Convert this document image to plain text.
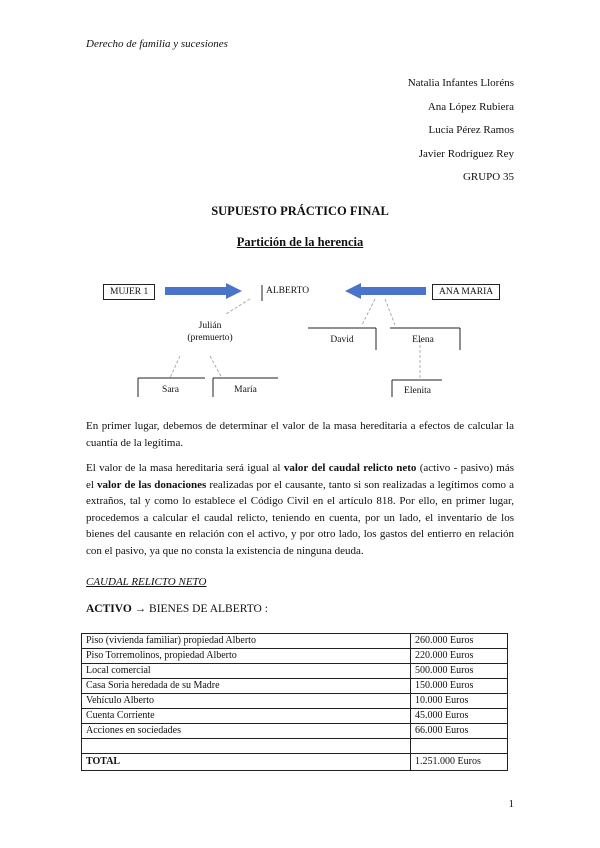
Derecho de familia y sucesiones
Natalia Infantes Lloréns
Ana López Rubiera
Lucía Pérez Ramos
Javier Rodríguez Rey
GRUPO 35
SUPUESTO PRÁCTICO FINAL
Partición de la herencia
MUJER 1	ALBERTO	ANA MARIA
Julián
(premuerto)	David	Elena
Sara	María	Elenita
En primer lugar, debemos de determinar el valor de la masa hereditaria a efectos de calcular la cuantía de la legítima.
El valor de la masa hereditaria será igual al valor del caudal relicto neto (activo - pasivo) más el valor de las donaciones realizadas por el causante, tanto si son realizadas a legítimos como a extraños, tal y como lo establece el Código Civil en el artículo 818. Por ello, en primer lugar, procedemos a calcular el caudal relicto, teniendo en cuenta, por un lado, el inventario de los bienes del causante en relación con el activo, y por otro lado, los gastos del entierro en relación con el pasivo, ya que no consta la existencia de ninguna deuda.
CAUDAL RELICTO NETO
ACTIVO → BIENES DE ALBERTO :
Piso (vivienda familiar) propiedad Alberto	260.000 Euros
Piso Torremolinos, propiedad Alberto	220.000 Euros
Local comercial	500.000 Euros
Casa Soria heredada de su Madre	150.000 Euros
Vehículo Alberto	10.000 Euros
Cuenta Corriente	45.000 Euros
Acciones en sociedades	66.000 Euros

TOTAL	1.251.000 Euros
1
